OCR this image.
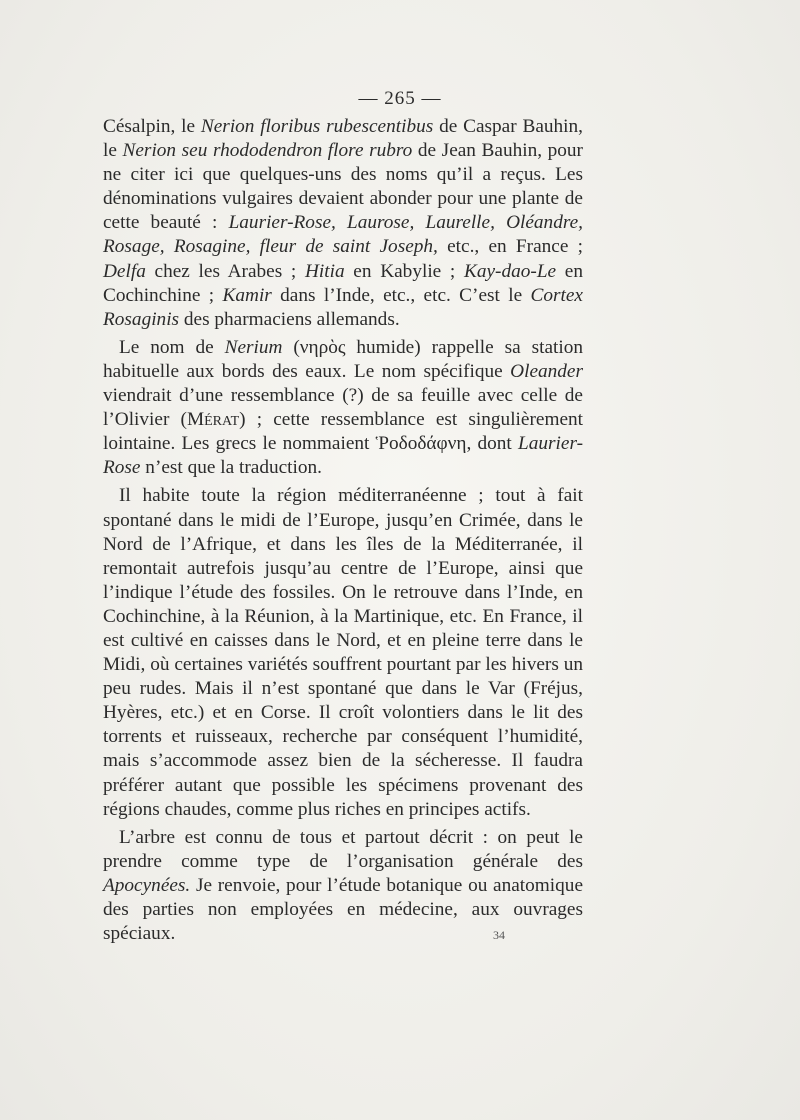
— 265 —

Césalpin, le Nerion floribus rubescentibus de Caspar Bauhin, le Nerion seu rhododendron flore rubro de Jean Bauhin, pour ne citer ici que quelques-uns des noms qu’il a reçus. Les dénominations vulgaires devaient abonder pour une plante de cette beauté : Laurier-Rose, Laurose, Laurelle, Oléandre, Rosage, Rosagine, fleur de saint Joseph, etc., en France ; Delfa chez les Arabes ; Hitia en Kabylie ; Kay-dao-Le en Cochinchine ; Kamir dans l’Inde, etc., etc. C’est le Cortex Rosaginis des pharmaciens allemands.

Le nom de Nerium (νηρὸς humide) rappelle sa station habituelle aux bords des eaux. Le nom spécifique Oleander viendrait d’une ressemblance (?) de sa feuille avec celle de l’Olivier (Mérat) ; cette ressemblance est singulièrement lointaine. Les grecs le nommaient Ῥοδοδάφνη, dont Laurier-Rose n’est que la traduction.

Il habite toute la région méditerranéenne ; tout à fait spontané dans le midi de l’Europe, jusqu’en Crimée, dans le Nord de l’Afrique, et dans les îles de la Méditerranée, il remontait autrefois jusqu’au centre de l’Europe, ainsi que l’indique l’étude des fossiles. On le retrouve dans l’Inde, en Cochinchine, à la Réunion, à la Martinique, etc. En France, il est cultivé en caisses dans le Nord, et en pleine terre dans le Midi, où certaines variétés souffrent pourtant par les hivers un peu rudes. Mais il n’est spontané que dans le Var (Fréjus, Hyères, etc.) et en Corse. Il croît volontiers dans le lit des torrents et ruisseaux, recherche par conséquent l’humidité, mais s’accommode assez bien de la sécheresse. Il faudra préférer autant que possible les spécimens provenant des régions chaudes, comme plus riches en principes actifs.

L’arbre est connu de tous et partout décrit : on peut le prendre comme type de l’organisation générale des Apocynées. Je renvoie, pour l’étude botanique ou anatomique des parties non employées en médecine, aux ouvrages spéciaux.	34
